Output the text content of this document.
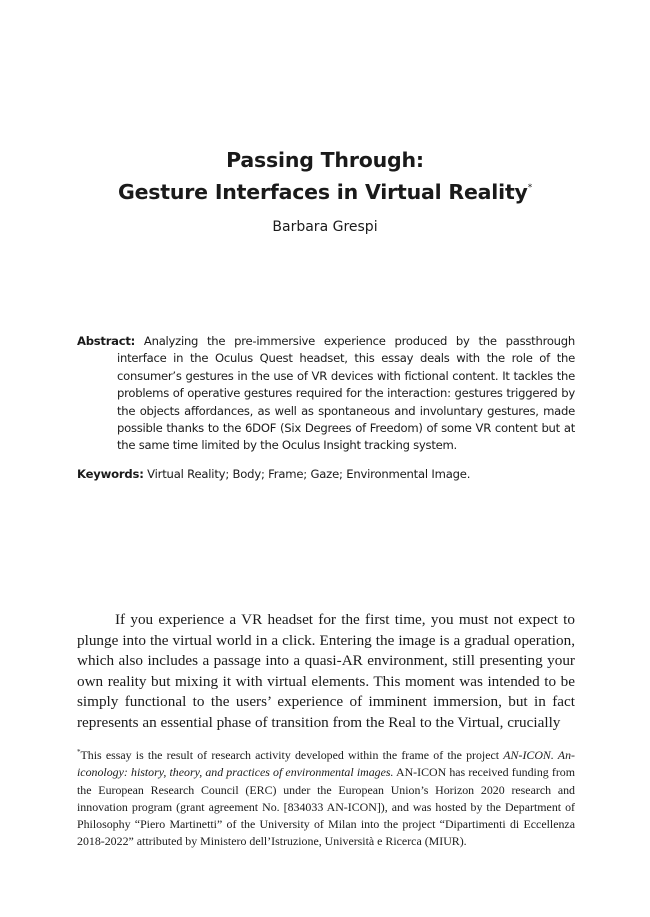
Passing Through:
Gesture Interfaces in Virtual Reality*
Barbara Grespi
Abstract: Analyzing the pre-immersive experience produced by the passthrough interface in the Oculus Quest headset, this essay deals with the role of the consumer’s gestures in the use of VR devices with fictional content. It tackles the problems of operative gestures required for the interaction: gestures triggered by the objects affordances, as well as spontaneous and involuntary gestures, made possible thanks to the 6DOF (Six Degrees of Freedom) of some VR content but at the same time limited by the Oculus Insight tracking system.
Keywords: Virtual Reality; Body; Frame; Gaze; Environmental Image.
If you experience a VR headset for the first time, you must not expect to plunge into the virtual world in a click. Entering the image is a gradual operation, which also includes a passage into a quasi-AR environment, still presenting your own reality but mixing it with virtual elements. This moment was intended to be simply functional to the users’ experience of imminent immersion, but in fact represents an essential phase of transition from the Real to the Virtual, crucially
*This essay is the result of research activity developed within the frame of the project AN-ICON. An-iconology: history, theory, and practices of environmental images. AN-ICON has received funding from the European Research Council (ERC) under the European Union’s Horizon 2020 research and innovation program (grant agreement No. [834033 AN-ICON]), and was hosted by the Department of Philosophy “Piero Martinetti” of the University of Milan into the project “Dipartimenti di Eccellenza 2018-2022” attributed by Ministero dell’Istruzione, Università e Ricerca (MIUR).
